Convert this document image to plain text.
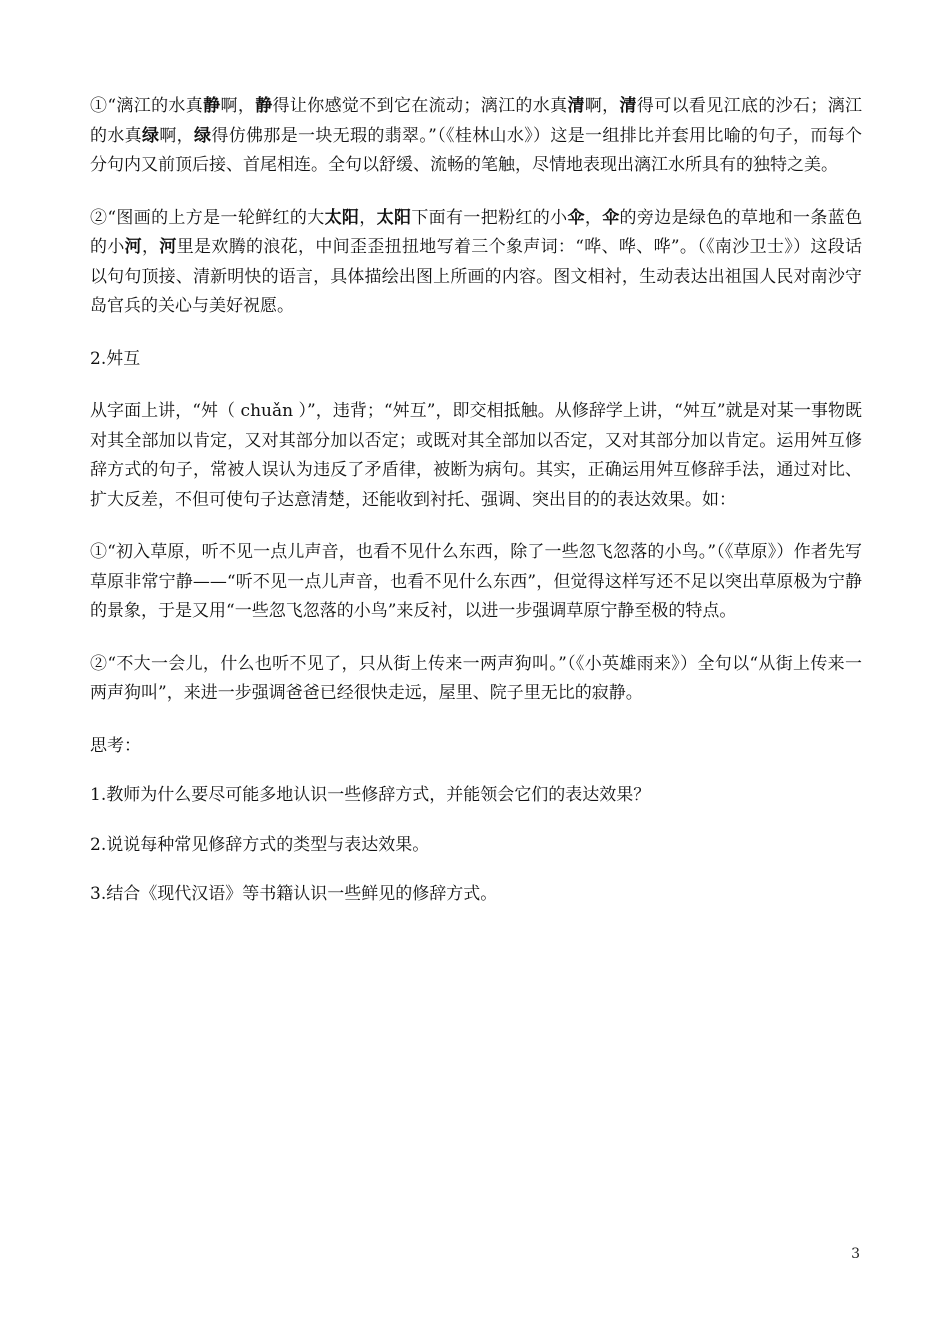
①“漓江的水真静啊，静得让你感觉不到它在流动；漓江的水真清啊，清得可以看见江底的沙石；漓江的水真绿啊，绿得仿佛那是一块无瑕的翡翠。”（《桂林山水》）这是一组排比并套用比喻的句子，而每个分句内又前顶后接、首尾相连。全句以舒缓、流畅的笔触，尽情地表现出漓江水所具有的独特之美。

②“图画的上方是一轮鲜红的大太阳，太阳下面有一把粉红的小伞，伞的旁边是绿色的草地和一条蓝色的小河，河里是欢腾的浪花，中间歪歪扭扭地写着三个象声词：“哗、哗、哗”。（《南沙卫士》）这段话以句句顶接、清新明快的语言，具体描绘出图上所画的内容。图文相衬，生动表达出祖国人民对南沙守岛官兵的关心与美好祝愿。

2.舛互

从字面上讲，“舛（ chuǎn ）”，违背；“舛互”，即交相抵触。从修辞学上讲，“舛互”就是对某一事物既对其全部加以肯定，又对其部分加以否定；或既对其全部加以否定，又对其部分加以肯定。运用舛互修辞方式的句子，常被人误认为违反了矛盾律，被断为病句。其实，正确运用舛互修辞手法，通过对比、扩大反差，不但可使句子达意清楚，还能收到衬托、强调、突出目的的表达效果。如：

①“初入草原，听不见一点儿声音，也看不见什么东西，除了一些忽飞忽落的小鸟。”（《草原》）作者先写草原非常宁静——“听不见一点儿声音，也看不见什么东西”，但觉得这样写还不足以突出草原极为宁静的景象，于是又用“一些忽飞忽落的小鸟”来反衬，以进一步强调草原宁静至极的特点。

②“不大一会儿，什么也听不见了，只从街上传来一两声狗叫。”（《小英雄雨来》）全句以“从街上传来一两声狗叫”，来进一步强调爸爸已经很快走远，屋里、院子里无比的寂静。

思考：

1.教师为什么要尽可能多地认识一些修辞方式，并能领会它们的表达效果？

2.说说每种常见修辞方式的类型与表达效果。

3.结合《现代汉语》等书籍认识一些鲜见的修辞方式。

3
